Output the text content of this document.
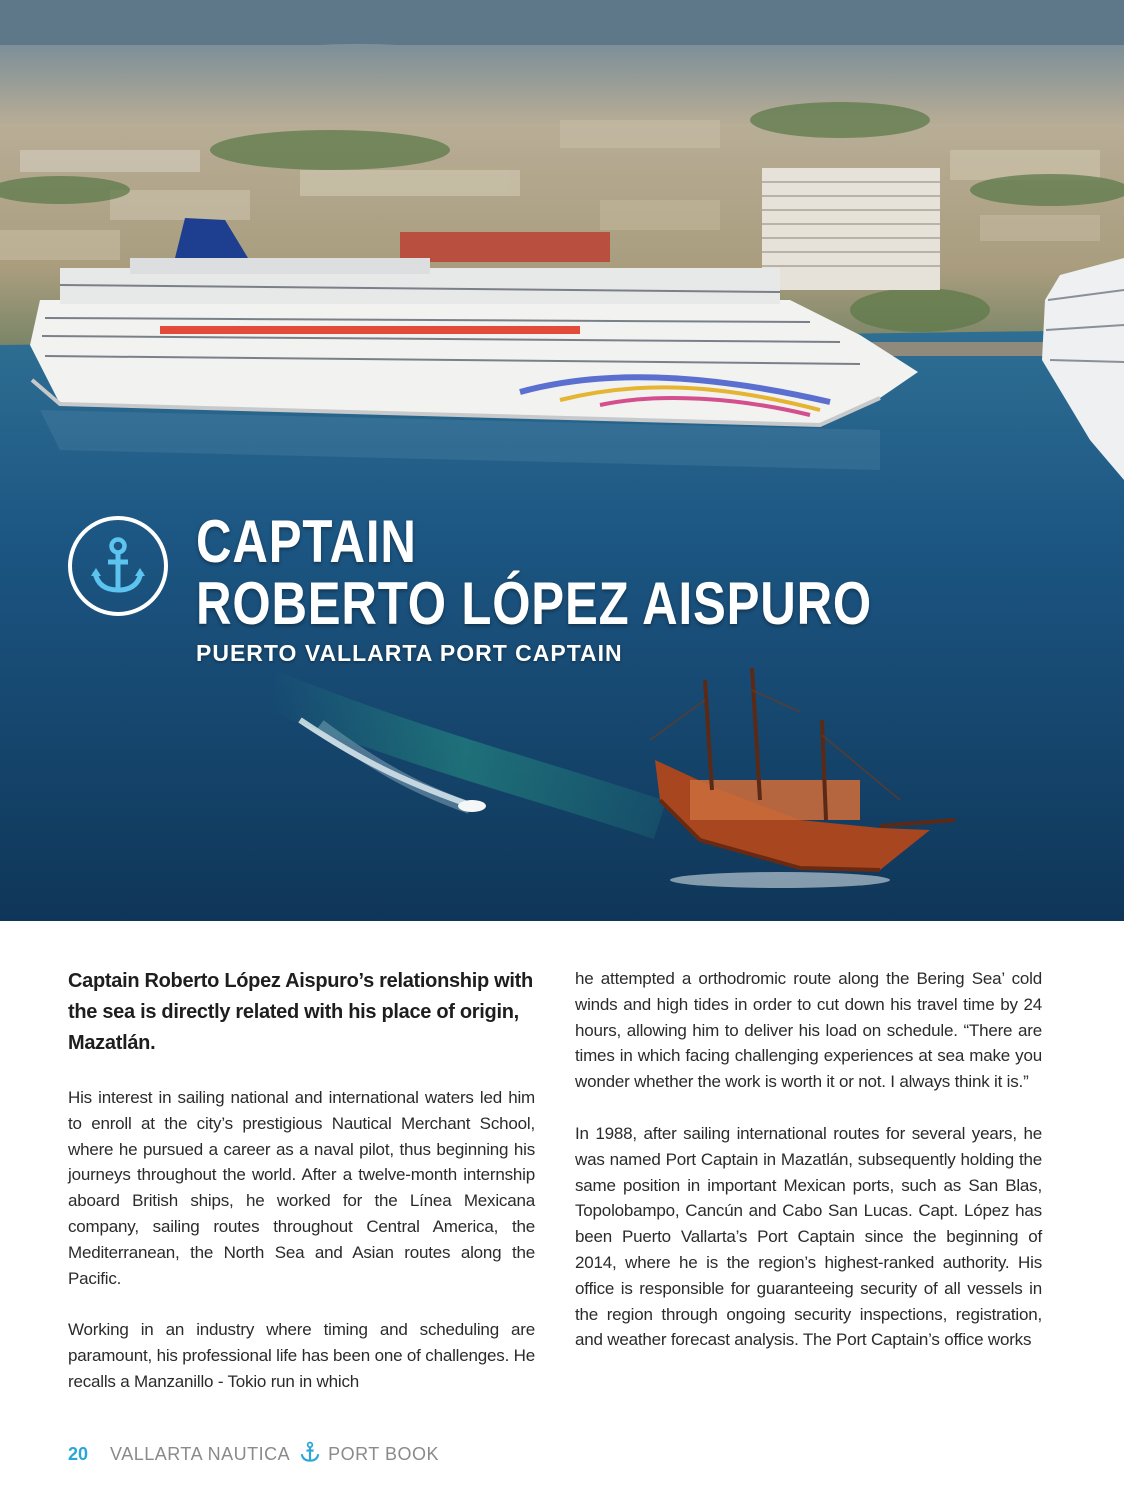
CAPTAIN
ROBERTO LÓPEZ AISPURO
PUERTO VALLARTA PORT CAPTAIN

Captain Roberto López Aispuro’s relationship with the sea is directly related with his place of origin, Mazatlán.

His interest in sailing national and international waters led him to enroll at the city’s prestigious Nautical Merchant School, where he pursued a career as a naval pilot, thus beginning his journeys throughout the world. After a twelve-month internship aboard British ships, he worked for the Línea Mexicana company, sailing routes throughout Central America, the Mediterranean, the North Sea and Asian routes along the Pacific.

Working in an industry where timing and scheduling are paramount, his professional life has been one of challenges. He recalls a Manzanillo - Tokio run in which

he attempted a orthodromic route along the Bering Sea’ cold winds and high tides in order to cut down his travel time by 24 hours, allowing him to deliver his load on schedule. “There are times in which facing challenging experiences at sea make you wonder whether the work is worth it or not. I always think it is.”

In 1988, after sailing international routes for several years, he was named Port Captain in Mazatlán, subsequently holding the same position in important Mexican ports, such as San Blas, Topolobampo, Cancún and Cabo San Lucas. Capt. López has been Puerto Vallarta’s Port Captain since the beginning of 2014, where he is the region’s highest-ranked authority. His office is responsible for guaranteeing security of all vessels in the region through ongoing security inspections, registration, and weather forecast analysis. The Port Captain’s office works

20 VALLARTA NAUTICA PORT BOOK
